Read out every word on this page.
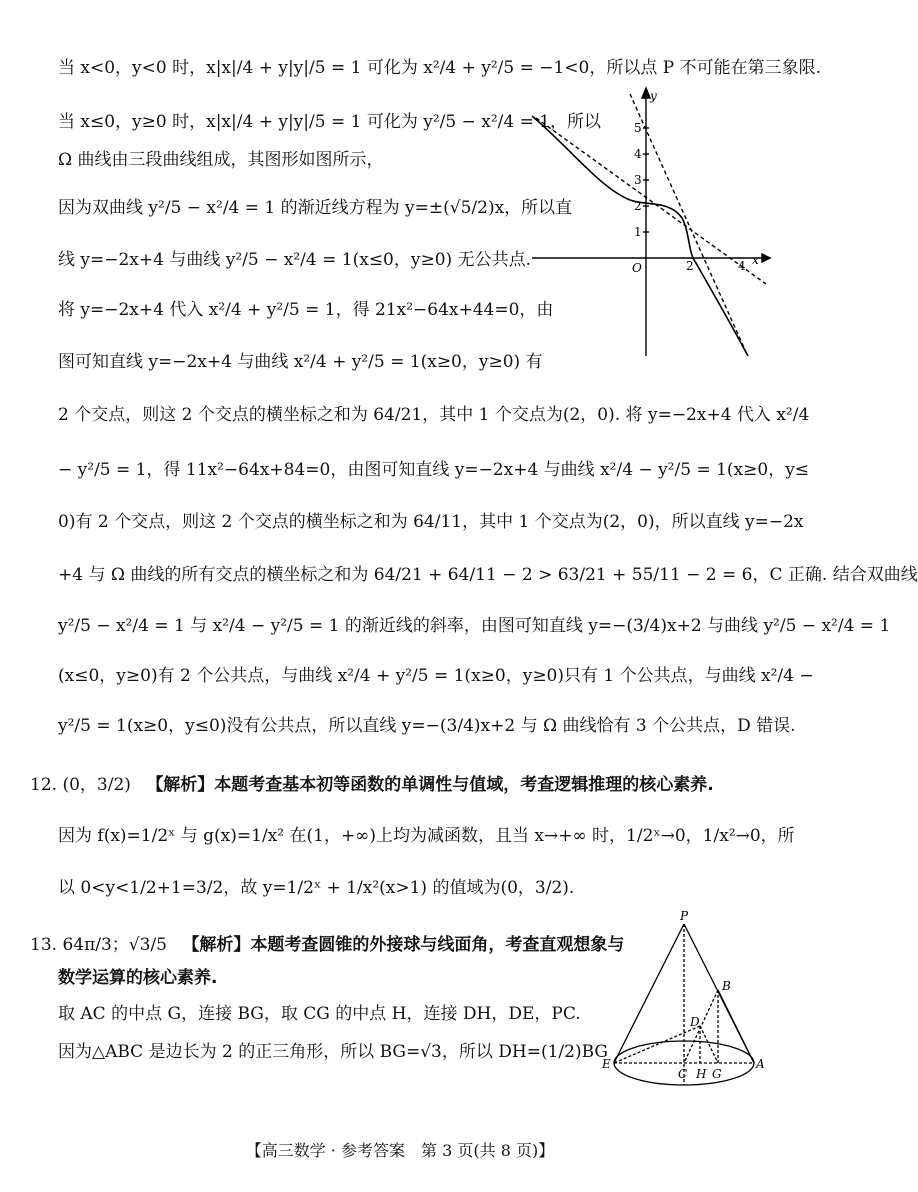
当 x<0，y<0 时，x|x|/4 + y|y|/5 = 1 可化为 x²/4 + y²/5 = −1<0，所以点 P 不可能在第三象限.
当 x≤0，y≥0 时，x|x|/4 + y|y|/5 = 1 可化为 y²/5 − x²/4 = 1，所以
Ω 曲线由三段曲线组成，其图形如图所示，
因为双曲线 y²/5 − x²/4 = 1 的渐近线方程为 y=±(√5/2)x，所以直
线 y=−2x+4 与曲线 y²/5 − x²/4 = 1(x≤0，y≥0) 无公共点.
将 y=−2x+4 代入 x²/4 + y²/5 = 1，得 21x²−64x+44=0，由
图可知直线 y=−2x+4 与曲线 x²/4 + y²/5 = 1(x≥0，y≥0) 有
2 个交点，则这 2 个交点的横坐标之和为 64/21，其中 1 个交点为(2，0). 将 y=−2x+4 代入 x²/4
− y²/5 = 1，得 11x²−64x+84=0，由图可知直线 y=−2x+4 与曲线 x²/4 − y²/5 = 1(x≥0，y≤
0)有 2 个交点，则这 2 个交点的横坐标之和为 64/11，其中 1 个交点为(2，0)，所以直线 y=−2x
+4 与 Ω 曲线的所有交点的横坐标之和为 64/21 + 64/11 − 2 > 63/21 + 55/11 − 2 = 6，C 正确. 结合双曲线
y²/5 − x²/4 = 1 与 x²/4 − y²/5 = 1 的渐近线的斜率，由图可知直线 y=−(3/4)x+2 与曲线 y²/5 − x²/4 = 1
(x≤0，y≥0)有 2 个公共点，与曲线 x²/4 + y²/5 = 1(x≥0，y≥0)只有 1 个公共点，与曲线 x²/4 −
y²/5 = 1(x≥0，y≤0)没有公共点，所以直线 y=−(3/4)x+2 与 Ω 曲线恰有 3 个公共点，D 错误.
12. (0，3/2) 【解析】本题考查基本初等函数的单调性与值域，考查逻辑推理的核心素养.
因为 f(x)=1/2ˣ 与 g(x)=1/x² 在(1，+∞)上均为减函数，且当 x→+∞ 时，1/2ˣ→0，1/x²→0，所
以 0<y<1/2+1=3/2，故 y=1/2ˣ + 1/x²(x>1) 的值域为(0，3/2).
13. 64π/3；√3/5 【解析】本题考查圆锥的外接球与线面角，考查直观想象与
数学运算的核心素养.
取 AC 的中点 G，连接 BG，取 CG 的中点 H，连接 DH，DE，PC.
因为△ABC 是边长为 2 的正三角形，所以 BG=√3，所以 DH=(1/2)BG
y
x
O	2	4
1
2
3
4
5
P
B
D
E
C H G
A
【高三数学 · 参考答案　第 3 页(共 8 页)】
